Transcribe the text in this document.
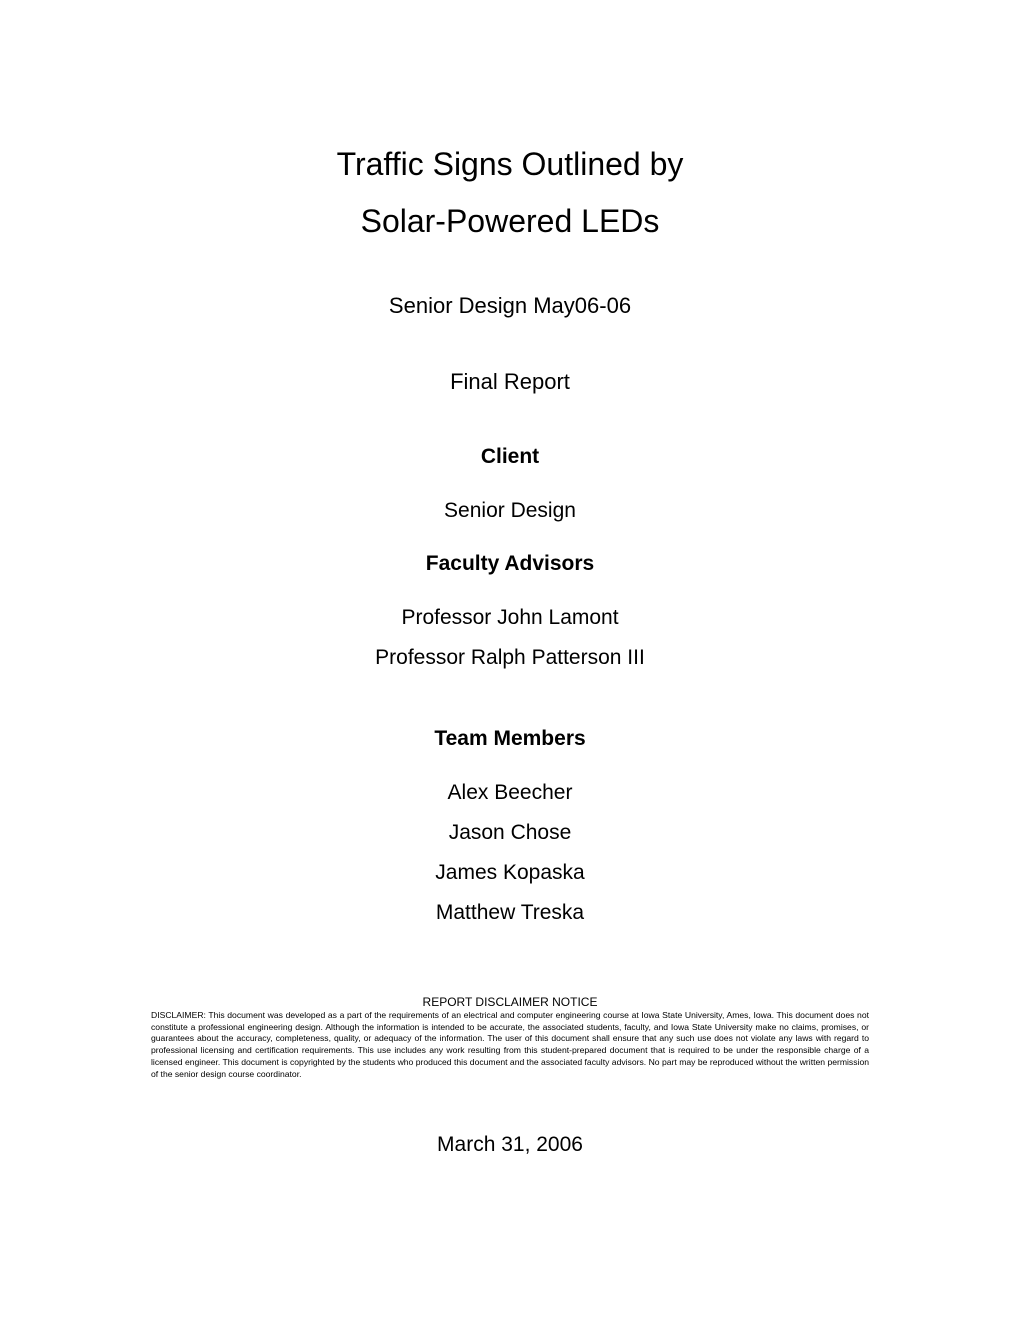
Traffic Signs Outlined by
Solar-Powered LEDs
Senior Design May06-06
Final Report
Client
Senior Design
Faculty Advisors
Professor John Lamont
Professor Ralph Patterson III
Team Members
Alex Beecher
Jason Chose
James Kopaska
Matthew Treska
REPORT DISCLAIMER NOTICE
DISCLAIMER: This document was developed as a part of the requirements of an electrical and computer engineering course at Iowa State University, Ames, Iowa. This document does not constitute a professional engineering design. Although the information is intended to be accurate, the associated students, faculty, and Iowa State University make no claims, promises, or guarantees about the accuracy, completeness, quality, or adequacy of the information. The user of this document shall ensure that any such use does not violate any laws with regard to professional licensing and certification requirements. This use includes any work resulting from this student-prepared document that is required to be under the responsible charge of a licensed engineer. This document is copyrighted by the students who produced this document and the associated faculty advisors. No part may be reproduced without the written permission of the senior design course coordinator.
March 31, 2006
